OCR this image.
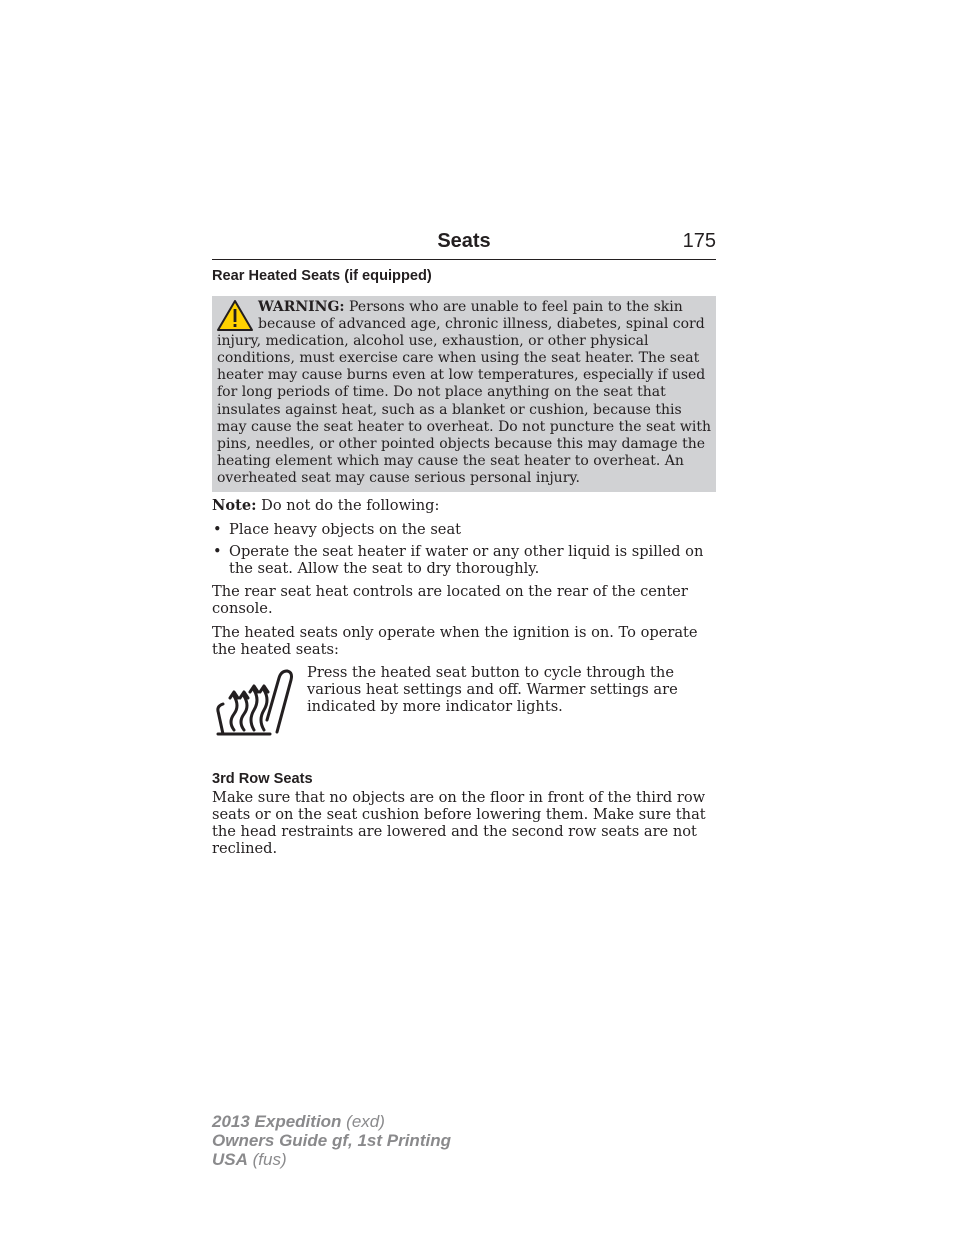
Seats	175
Rear Heated Seats (if equipped)
WARNING: Persons who are unable to feel pain to the skin because of advanced age, chronic illness, diabetes, spinal cord injury, medication, alcohol use, exhaustion, or other physical conditions, must exercise care when using the seat heater. The seat heater may cause burns even at low temperatures, especially if used for long periods of time. Do not place anything on the seat that insulates against heat, such as a blanket or cushion, because this may cause the seat heater to overheat. Do not puncture the seat with pins, needles, or other pointed objects because this may damage the heating element which may cause the seat heater to overheat. An overheated seat may cause serious personal injury.

Note: Do not do the following:

• Place heavy objects on the seat
• Operate the seat heater if water or any other liquid is spilled on the seat. Allow the seat to dry thoroughly.

The rear seat heat controls are located on the rear of the center console.

The heated seats only operate when the ignition is on. To operate the heated seats:

Press the heated seat button to cycle through the various heat settings and off. Warmer settings are indicated by more indicator lights.

3rd Row Seats

Make sure that no objects are on the floor in front of the third row seats or on the seat cushion before lowering them. Make sure that the head restraints are lowered and the second row seats are not reclined.

2013 Expedition (exd)
Owners Guide gf, 1st Printing
USA (fus)
